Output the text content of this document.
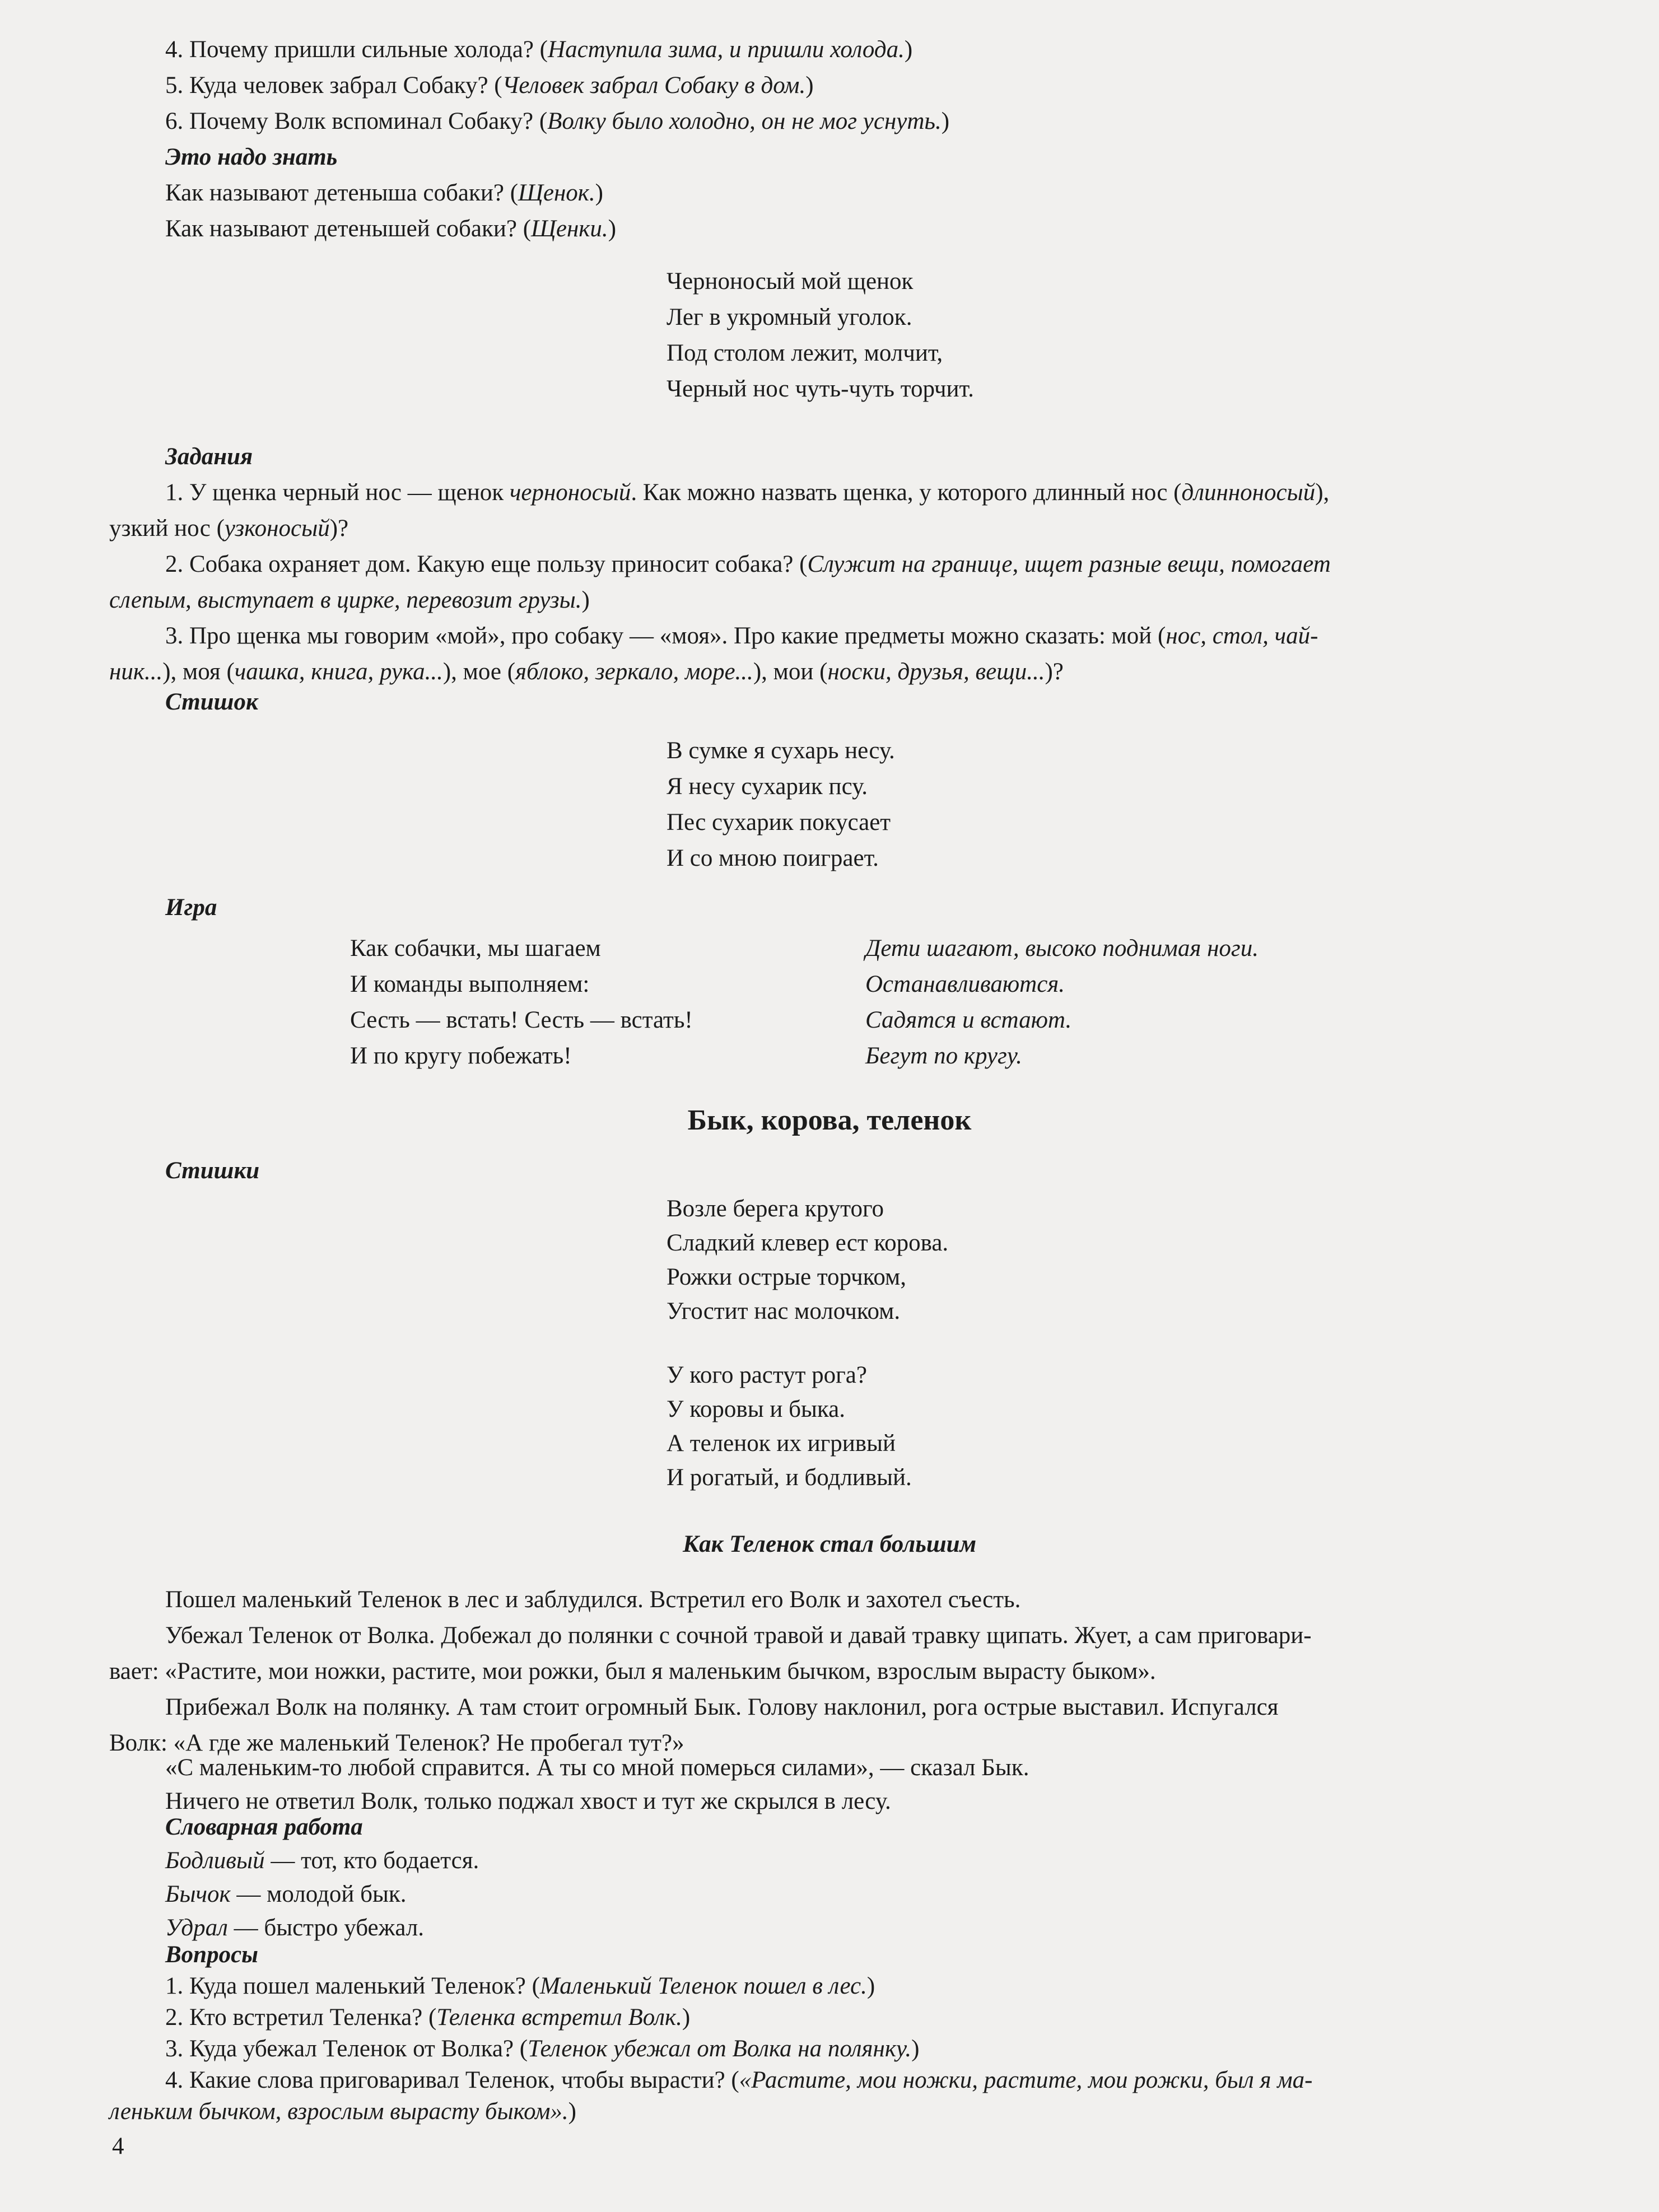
4. Почему пришли сильные холода? (Наступила зима, и пришли холода.)
5. Куда человек забрал Собаку? (Человек забрал Собаку в дом.)
6. Почему Волк вспоминал Собаку? (Волку было холодно, он не мог уснуть.)
Это надо знать
Как называют детеныша собаки? (Щенок.)
Как называют детенышей собаки? (Щенки.)
Черноносый мой щенок
Лег в укромный уголок.
Под столом лежит, молчит,
Черный нос чуть-чуть торчит.
Задания
1. У щенка черный нос — щенок черноносый. Как можно назвать щенка, у которого длинный нос (длинноносый),
узкий нос (узконосый)?
2. Собака охраняет дом. Какую еще пользу приносит собака? (Служит на границе, ищет разные вещи, помогает
слепым, выступает в цирке, перевозит грузы.)
3. Про щенка мы говорим «мой», про собаку — «моя». Про какие предметы можно сказать: мой (нос, стол, чай-
ник...), моя (чашка, книга, рука...), мое (яблоко, зеркало, море...), мои (носки, друзья, вещи...)?
Стишок
В сумке я сухарь несу.
Я несу сухарик псу.
Пес сухарик покусает
И со мною поиграет.
Игра
Как собачки, мы шагаем	Дети шагают, высоко поднимая ноги.
И команды выполняем:	Останавливаются.
Сесть — встать! Сесть — встать!	Садятся и встают.
И по кругу побежать!	Бегут по кругу.
Бык, корова, теленок
Стишки
Возле берега крутого
Сладкий клевер ест корова.
Рожки острые торчком,
Угостит нас молочком.
У кого растут рога?
У коровы и быка.
А теленок их игривый
И рогатый, и бодливый.
Как Теленок стал большим
Пошел маленький Теленок в лес и заблудился. Встретил его Волк и захотел съесть.
Убежал Теленок от Волка. Добежал до полянки с сочной травой и давай травку щипать. Жует, а сам приговари-
вает: «Растите, мои ножки, растите, мои рожки, был я маленьким бычком, взрослым вырасту быком».
Прибежал Волк на полянку. А там стоит огромный Бык. Голову наклонил, рога острые выставил. Испугался
Волк: «А где же маленький Теленок? Не пробегал тут?»
«С маленьким-то любой справится. А ты со мной померься силами», — сказал Бык.
Ничего не ответил Волк, только поджал хвост и тут же скрылся в лесу.
Словарная работа
Бодливый — тот, кто бодается.
Бычок — молодой бык.
Удрал — быстро убежал.
Вопросы
1. Куда пошел маленький Теленок? (Маленький Теленок пошел в лес.)
2. Кто встретил Теленка? (Теленка встретил Волк.)
3. Куда убежал Теленок от Волка? (Теленок убежал от Волка на полянку.)
4. Какие слова приговаривал Теленок, чтобы вырасти? («Растите, мои ножки, растите, мои рожки, был я ма-
леньким бычком, взрослым вырасту быком».)
4
